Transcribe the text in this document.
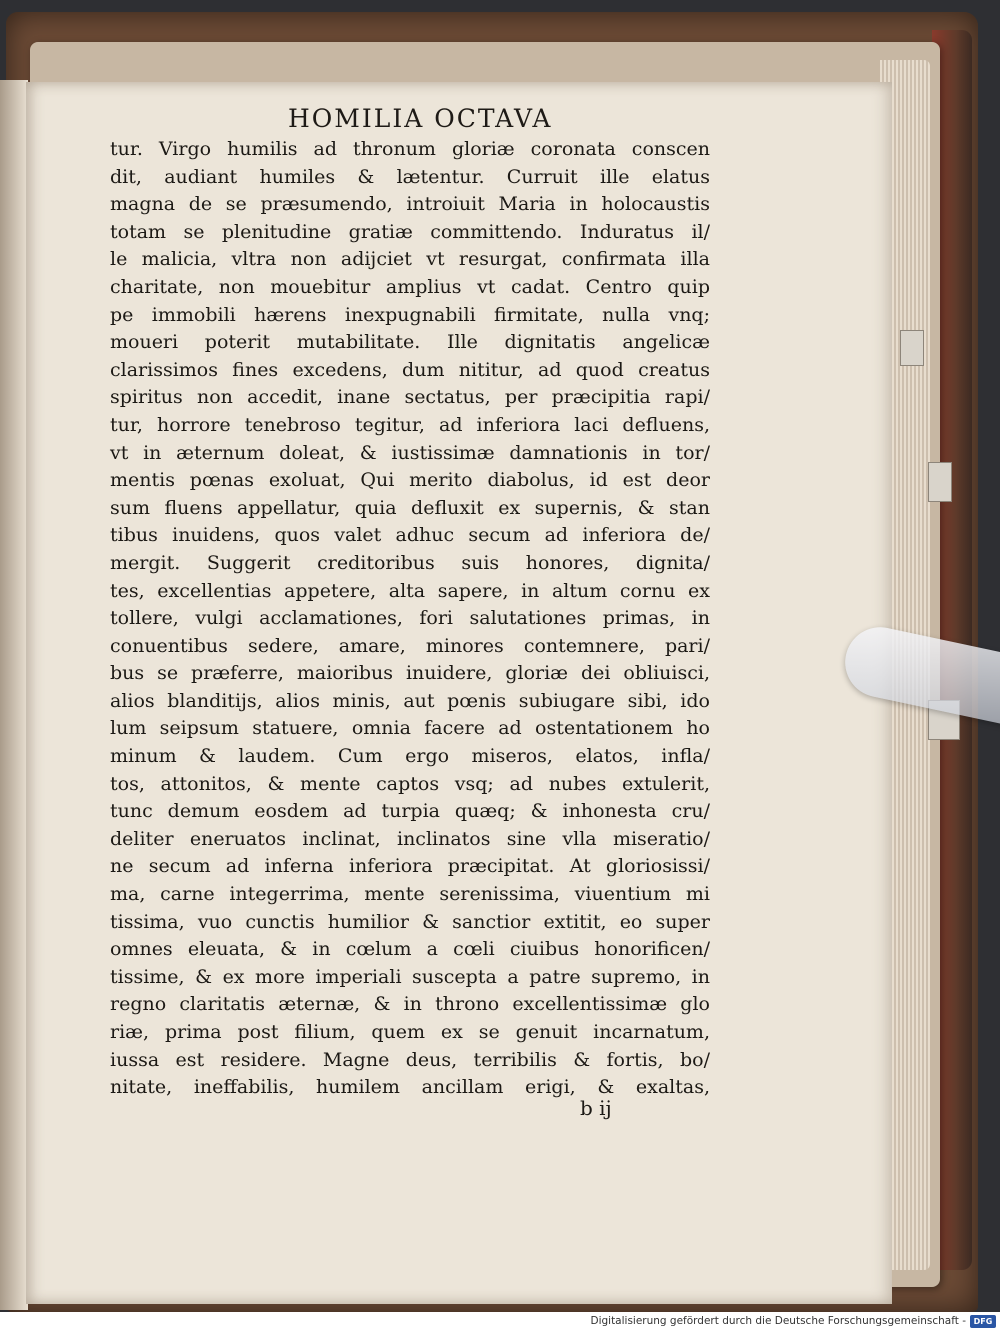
HOMILIA OCTAVA
tur. Virgo humilis ad thronum gloriæ coronata conscen
dit, audiant humiles & lætentur. Curruit ille elatus
magna de se præsumendo, introiuit Maria in holocaustis
totam se plenitudine gratiæ committendo. Induratus il/
le malicia, vltra non adijciet vt resurgat, confirmata illa
charitate, non mouebitur amplius vt cadat. Centro quip
pe immobili hærens inexpugnabili firmitate, nulla vnq;
moueri poterit mutabilitate. Ille dignitatis angelicæ
clarissimos fines excedens, dum nititur, ad quod creatus
spiritus non accedit, inane sectatus, per præcipitia rapi/
tur, horrore tenebroso tegitur, ad inferiora laci defluens,
vt in æternum doleat, & iustissimæ damnationis in tor/
mentis pœnas exoluat, Qui merito diabolus, id est deor
sum fluens appellatur, quia defluxit ex supernis, & stan
tibus inuidens, quos valet adhuc secum ad inferiora de/
mergit. Suggerit creditoribus suis honores, dignita/
tes, excellentias appetere, alta sapere, in altum cornu ex
tollere, vulgi acclamationes, fori salutationes primas, in
conuentibus sedere, amare, minores contemnere, pari/
bus se præferre, maioribus inuidere, gloriæ dei obliuisci,
alios blanditijs, alios minis, aut pœnis subiugare sibi, ido
lum seipsum statuere, omnia facere ad ostentationem ho
minum & laudem. Cum ergo miseros, elatos, infla/
tos, attonitos, & mente captos vsq; ad nubes extulerit,
tunc demum eosdem ad turpia quæq; & inhonesta cru/
deliter eneruatos inclinat, inclinatos sine vlla miseratio/
ne secum ad inferna inferiora præcipitat. At gloriosissi/
ma, carne integerrima, mente serenissima, viuentium mi
tissima, vuo cunctis humilior & sanctior extitit, eo super
omnes eleuata, & in cœlum a cœli ciuibus honorificen/
tissime, & ex more imperiali suscepta a patre supremo, in
regno claritatis æternæ, & in throno excellentissimæ glo
riæ, prima post filium, quem ex se genuit incarnatum,
iussa est residere. Magne deus, terribilis & fortis, bo/
nitate, ineffabilis, humilem ancillam erigi, & exaltas,
b ij
Digitalisierung gefördert durch die Deutsche Forschungsgemeinschaft - DFG
